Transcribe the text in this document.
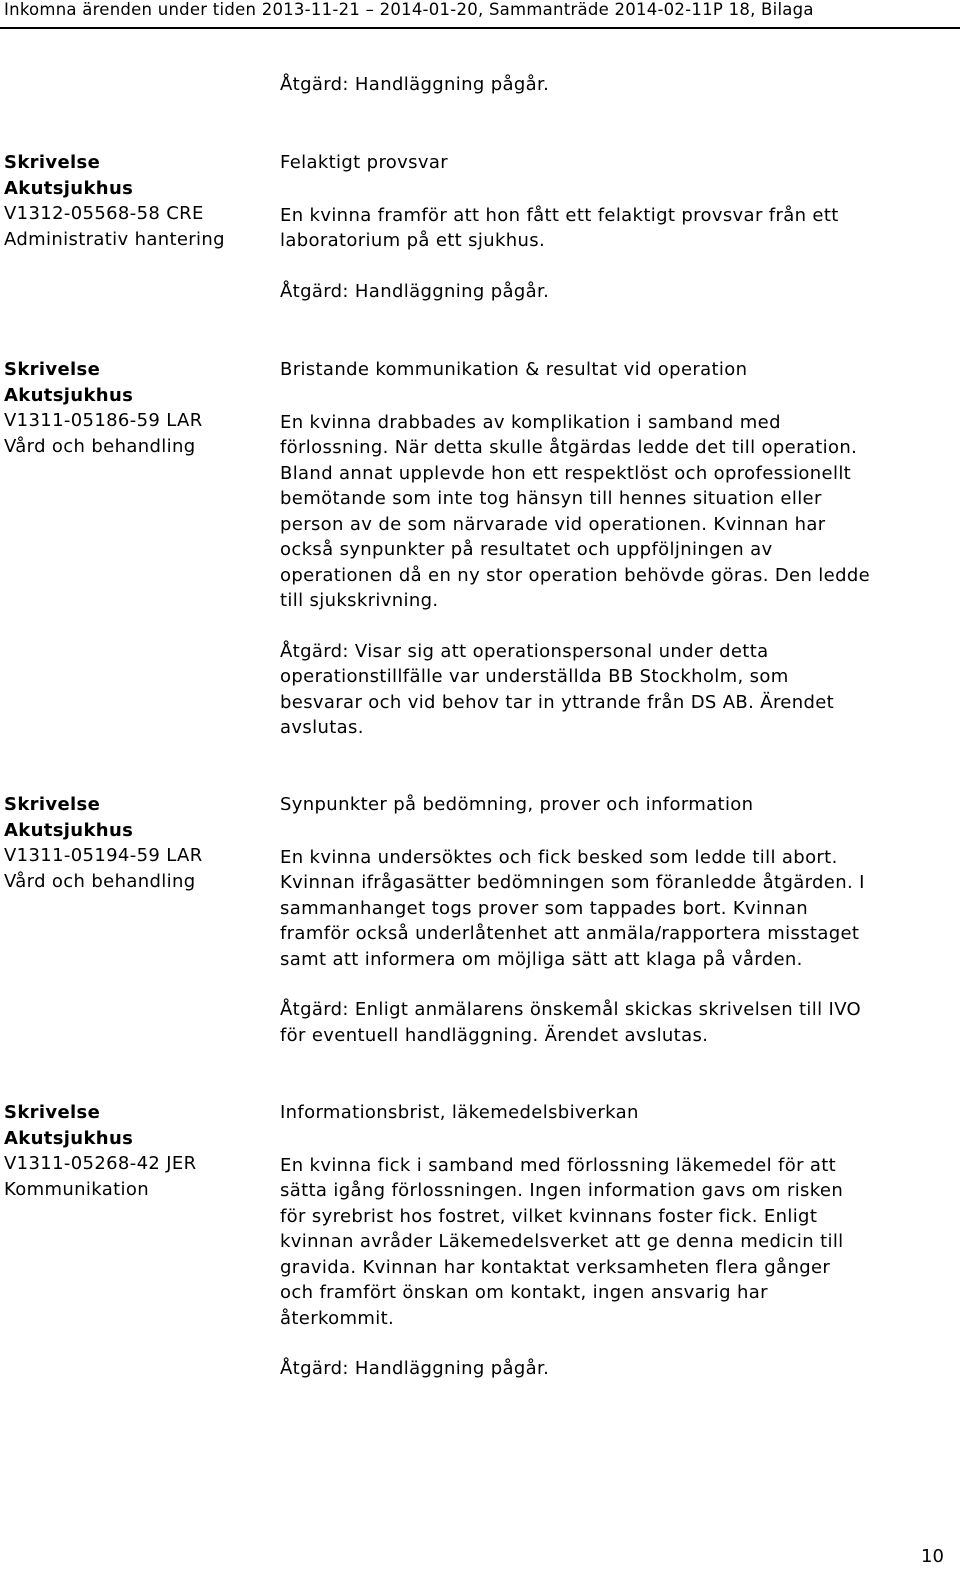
Inkomna ärenden under tiden 2013-11-21 – 2014-01-20, Sammanträde 2014-02-11P 18, Bilaga
Åtgärd: Handläggning pågår.
Skrivelse
Akutsjukhus
V1312-05568-58 CRE
Administrativ hantering
Felaktigt provsvar
En kvinna framför att hon fått ett felaktigt provsvar från ett
laboratorium på ett sjukhus.
Åtgärd: Handläggning pågår.
Skrivelse
Akutsjukhus
V1311-05186-59 LAR
Vård och behandling
Bristande kommunikation & resultat vid operation
En kvinna drabbades av komplikation i samband med
förlossning. När detta skulle åtgärdas ledde det till operation.
Bland annat upplevde hon ett respektlöst och oprofessionellt
bemötande som inte tog hänsyn till hennes situation eller
person av de som närvarade vid operationen. Kvinnan har
också synpunkter på resultatet och uppföljningen av
operationen då en ny stor operation behövde göras. Den ledde
till sjukskrivning.
Åtgärd: Visar sig att operationspersonal under detta
operationstillfälle var underställda BB Stockholm, som
besvarar och vid behov tar in yttrande från DS AB. Ärendet
avslutas.
Skrivelse
Akutsjukhus
V1311-05194-59 LAR
Vård och behandling
Synpunkter på bedömning, prover och information
En kvinna undersöktes och fick besked som ledde till abort.
Kvinnan ifrågasätter bedömningen som föranledde åtgärden. I
sammanhanget togs prover som tappades bort. Kvinnan
framför också underlåtenhet att anmäla/rapportera misstaget
samt att informera om möjliga sätt att klaga på vården.
Åtgärd: Enligt anmälarens önskemål skickas skrivelsen till IVO
för eventuell handläggning. Ärendet avslutas.
Skrivelse
Akutsjukhus
V1311-05268-42 JER
Kommunikation
Informationsbrist, läkemedelsbiverkan
En kvinna fick i samband med förlossning läkemedel för att
sätta igång förlossningen. Ingen information gavs om risken
för syrebrist hos fostret, vilket kvinnans foster fick. Enligt
kvinnan avråder Läkemedelsverket att ge denna medicin till
gravida. Kvinnan har kontaktat verksamheten flera gånger
och framfört önskan om kontakt, ingen ansvarig har
återkommit.
Åtgärd: Handläggning pågår.
10
